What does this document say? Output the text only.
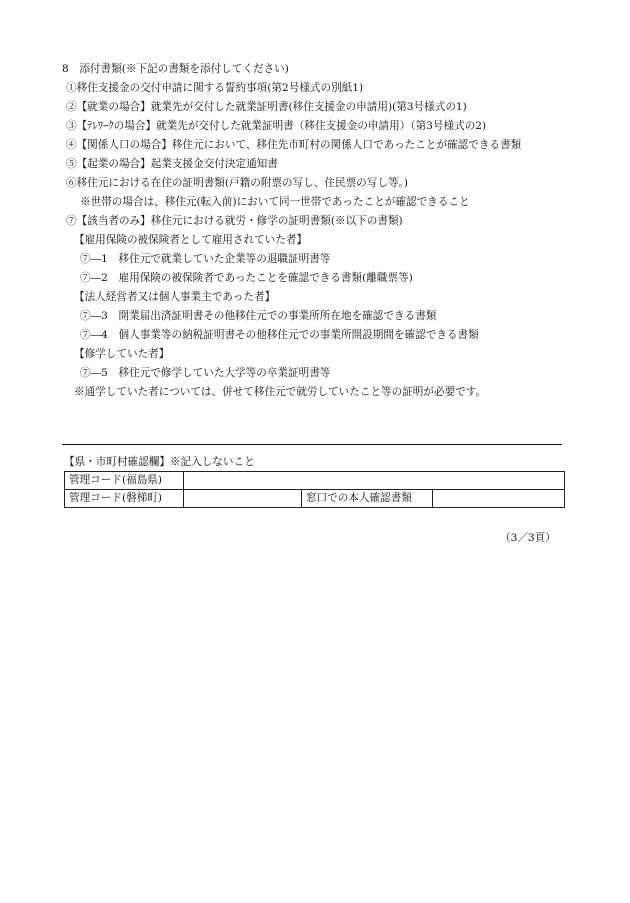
8　添付書類(※下記の書類を添付してください)
①移住支援金の交付申請に関する誓約事項(第2号様式の別紙1)
②【就業の場合】就業先が交付した就業証明書(移住支援金の申請用)(第3号様式の1)
③【ﾃﾚﾜｰｸの場合】就業先が交付した就業証明書（移住支援金の申請用）（第3号様式の2)
④【関係人口の場合】移住元において、移住先市町村の関係人口であったことが確認できる書類
⑤【起業の場合】起業支援金交付決定通知書
⑥移住元における在住の証明書類(戸籍の附票の写し、住民票の写し等。)
※世帯の場合は、移住元(転入前)において同一世帯であったことが確認できること
⑦【該当者のみ】移住元における就労・修学の証明書類(※以下の書類)
【雇用保険の被保険者として雇用されていた者】
⑦―1　移住元で就業していた企業等の退職証明書等
⑦―2　雇用保険の被保険者であったことを確認できる書類(離職票等)
【法人経営者又は個人事業主であった者】
⑦―3　開業届出済証明書その他移住元での事業所所在地を確認できる書類
⑦―4　個人事業等の納税証明書その他移住元での事業所開設期間を確認できる書類
【修学していた者】
⑦―5　移住元で修学していた大学等の卒業証明書等
※通学していた者については、併せて移住元で就労していたこと等の証明が必要です。
【県・市町村確認欄】※記入しないこと
管理コード(福島県)			
管理コード(磐梯町)		窓口での本人確認書類	
（3／3頁）
